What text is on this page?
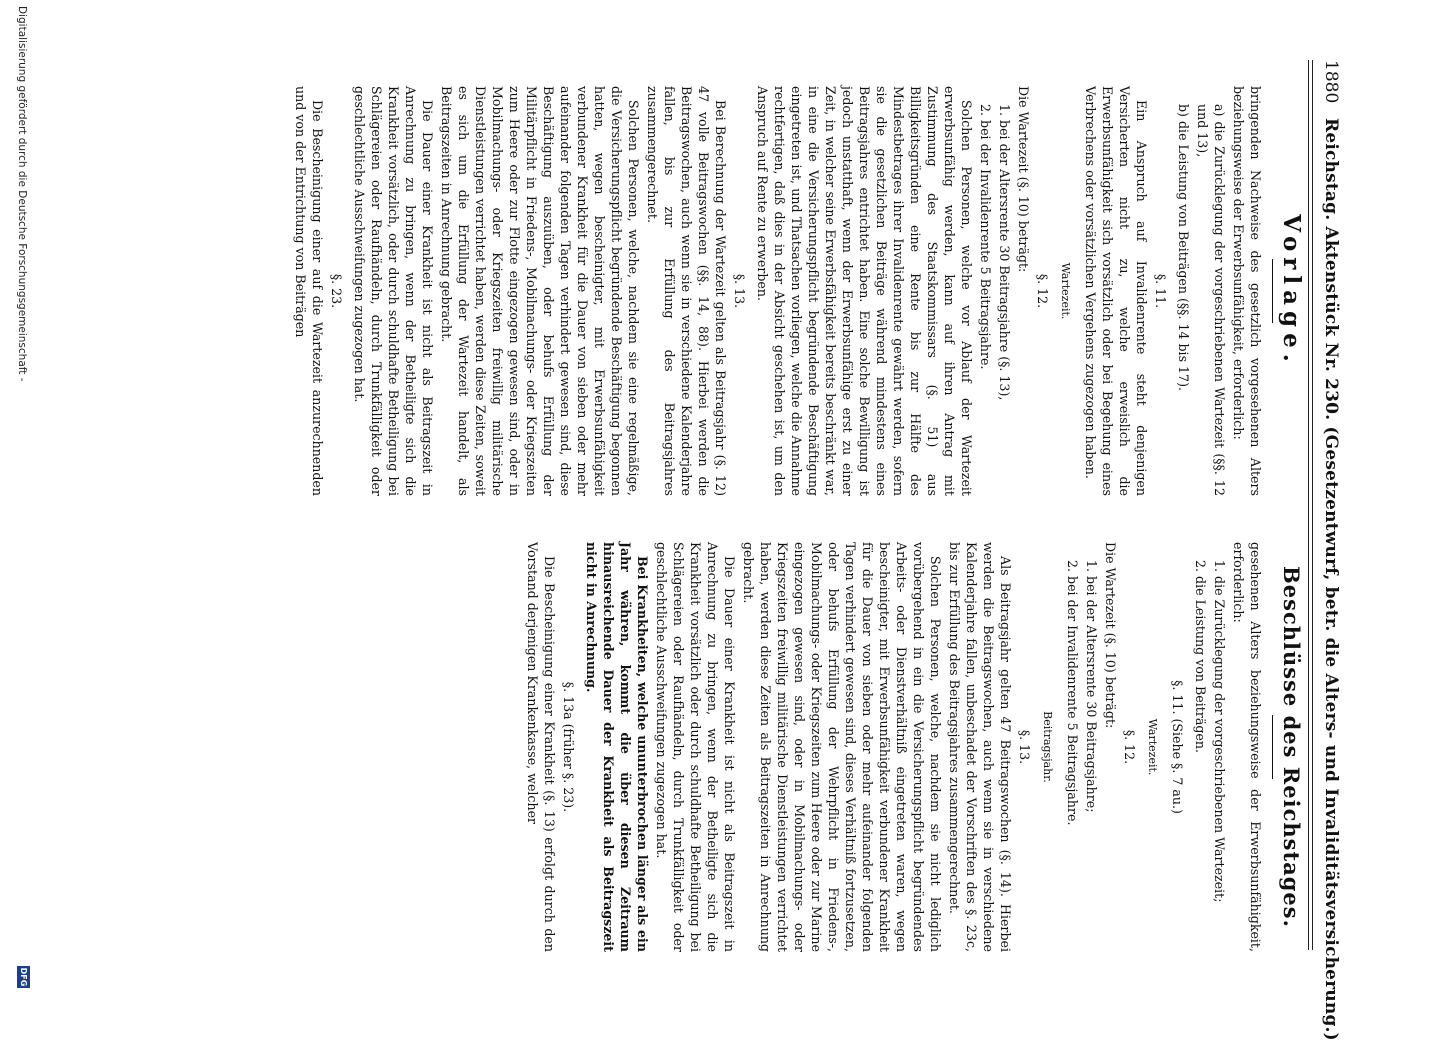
1880
Reichstag. Aktenstück Nr. 230. (Gesetzentwurf, betr. die Alters- und Invaliditätsversicherung.)
Vorlage.

bringenden Nachweise des gesetzlich vorgesehenen Alters beziehungsweise der Erwerbsunfähigkeit, erforderlich:

a) die Zurücklegung der vorgeschriebenen Wartezeit (§§. 12 und 13),

b) die Leistung von Beiträgen (§§. 14 bis 17).

§. 11.

Ein Anspruch auf Invalidenrente steht denjenigen Versicherten nicht zu, welche erweislich die Erwerbsunfähigkeit sich vorsätzlich oder bei Begehung eines Verbrechens oder vorsätzlichen Vergehens zugezogen haben.

Wartezeit.
§. 12.

Die Wartezeit (§. 10) beträgt:

1. bei der Altersrente 30 Beitragsjahre (§. 13),

2. bei der Invalidenrente 5 Beitragsjahre.

Solchen Personen, welche vor Ablauf der Wartezeit erwerbsunfähig werden, kann auf ihren Antrag mit Zustimmung des Staatskommissars (§. 51) aus Billigkeitsgründen eine Rente bis zur Hälfte des Mindestbetrages ihrer Invalidenrente gewährt werden, sofern sie die gesetzlichen Beiträge während mindestens eines Beitragsjahres entrichtet haben. Eine solche Bewilligung ist jedoch unstatthaft, wenn der Erwerbsunfähige erst zu einer Zeit, in welcher seine Erwerbsfähigkeit bereits beschränkt war, in eine die Versicherungspflicht begründende Beschäftigung eingetreten ist, und Thatsachen vorliegen, welche die Annahme rechtfertigen, daß dies in der Absicht geschehen ist, um den Anspruch auf Rente zu erwerben.

§. 13.

Bei Berechnung der Wartezeit gelten als Beitragsjahr (§. 12) 47 volle Beitragswochen (§§. 14, 88). Hierbei werden die Beitragswochen, auch wenn sie in verschiedene Kalenderjahre fallen, bis zur Erfüllung des Beitragsjahres zusammengerechnet.

Solchen Personen, welche, nachdem sie eine regelmäßige, die Versicherungspflicht begründende Beschäftigung begonnen hatten, wegen bescheinigter, mit Erwerbsunfähigkeit verbundener Krankheit für die Dauer von sieben oder mehr aufeinander folgenden Tagen verhindert gewesen sind, diese Beschäftigung auszuüben, oder behufs Erfüllung der Militärpflicht in Friedens-, Mobilmachungs- oder Kriegszeiten zum Heere oder zur Flotte eingezogen gewesen sind, oder in Mobilmachungs- oder Kriegszeiten freiwillig militärische Dienstleistungen verrichtet haben, werden diese Zeiten, soweit es sich um die Erfüllung der Wartezeit handelt, als Beitragszeiten in Anrechnung gebracht.

Die Dauer einer Krankheit ist nicht als Beitragszeit in Anrechnung zu bringen, wenn der Betheiligte sich die Krankheit vorsätzlich, oder durch schuldhafte Betheiligung bei Schlägereien oder Raufhändeln, durch Trunkfälligkeit oder geschlechtliche Ausschweifungen zugezogen hat.

§. 23.

Die Bescheinigung einer auf die Wartezeit anzurechnenden und von der Entrichtung von Beiträgen

Beschlüsse des Reichstages.

gesehenen Alters beziehungsweise der Erwerbsunfähigkeit, erforderlich:

1. die Zurücklegung der vorgeschriebenen Wartezeit;

2. die Leistung von Beiträgen.

§. 11. (Siehe §. 7 au.)
Wartezeit.
§. 12.

Die Wartezeit (§. 10) beträgt:

1. bei der Altersrente 30 Beitragsjahre;

2. bei der Invalidenrente 5 Beitragsjahre.

Beitragsjahr.
§. 13.

Als Beitragsjahr gelten 47 Beitragswochen (§. 14). Hierbei werden die Beitragswochen, auch wenn sie in verschiedene Kalenderjahre fallen, unbeschadet der Vorschriften des §. 23c, bis zur Erfüllung des Beitragsjahres zusammengerechnet.

Solchen Personen, welche, nachdem sie nicht lediglich vorübergehend in ein die Versicherungspflicht begründendes Arbeits- oder Dienstverhältniß eingetreten waren, wegen bescheinigter, mit Erwerbsunfähigkeit verbundener Krankheit für die Dauer von sieben oder mehr aufeinander folgenden Tagen verhindert gewesen sind, dieses Verhältniß fortzusetzen, oder behufs Erfüllung der Wehrpflicht in Friedens-, Mobilmachungs- oder Kriegszeiten zum Heere oder zur Marine eingezogen gewesen sind, oder in Mobilmachungs- oder Kriegszeiten freiwillig militärische Dienstleistungen verrichtet haben, werden diese Zeiten als Beitragszeiten in Anrechnung gebracht.

Die Dauer einer Krankheit ist nicht als Beitragszeit in Anrechnung zu bringen, wenn der Betheiligte sich die Krankheit vorsätzlich oder durch schuldhafte Betheiligung bei Schlägereien oder Raufhändeln, durch Trunkfälligkeit oder geschlechtliche Ausschweifungen zugezogen hat.

Bei Krankheiten, welche ununterbrochen länger als ein Jahr währen, kommt die über diesen Zeitraum hinausreichende Dauer der Krankheit als Beitragszeit nicht in Anrechnung.

§. 13a (früher §. 23).

Die Bescheinigung einer Krankheit (§. 13) erfolgt durch den Vorstand derjenigen Krankenkasse, welcher

Digitalisierung gefördert durch die Deutsche Forschungsgemeinschaft -
DFG
